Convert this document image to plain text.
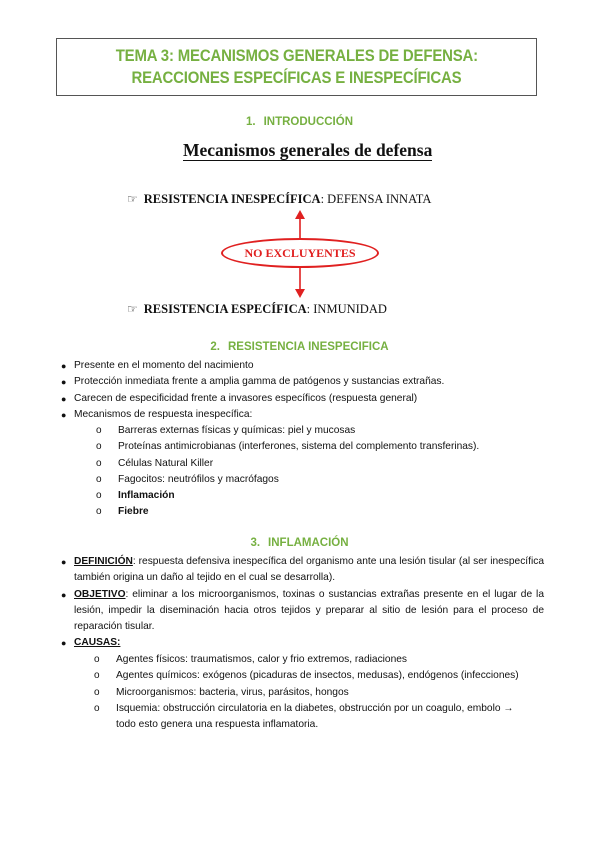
TEMA 3: MECANISMOS GENERALES DE DEFENSA:
REACCIONES ESPECÍFICAS E INESPECÍFICAS
1. INTRODUCCIÓN
Mecanismos generales de defensa
☞ RESISTENCIA INESPECÍFICA: DEFENSA INNATA
NO EXCLUYENTES
☞ RESISTENCIA ESPECÍFICA: INMUNIDAD
2. RESISTENCIA INESPECIFICA
● Presente en el momento del nacimiento
● Protección inmediata frente a amplia gamma de patógenos y sustancias extrañas.
● Carecen de especificidad frente a invasores específicos (respuesta general)
● Mecanismos de respuesta inespecífica:
o Barreras externas físicas y químicas: piel y mucosas
o Proteínas antimicrobianas (interferones, sistema del complemento transferinas).
o Células Natural Killer
o Fagocitos: neutrófilos y macrófagos
o Inflamación
o Fiebre
3. INFLAMACIÓN
● DEFINICIÓN: respuesta defensiva inespecífica del organismo ante una lesión tisular (al ser inespecífica también origina un daño al tejido en el cual se desarrolla).
● OBJETIVO: eliminar a los microorganismos, toxinas o sustancias extrañas presente en el lugar de la lesión, impedir la diseminación hacia otros tejidos y preparar al sitio de lesión para el proceso de reparación tisular.
● CAUSAS:
o Agentes físicos: traumatismos, calor y frio extremos, radiaciones
o Agentes químicos: exógenos (picaduras de insectos, medusas), endógenos (infecciones)
o Microorganismos: bacteria, virus, parásitos, hongos
o Isquemia: obstrucción circulatoria en la diabetes, obstrucción por un coagulo, embolo →
todo esto genera una respuesta inflamatoria.
